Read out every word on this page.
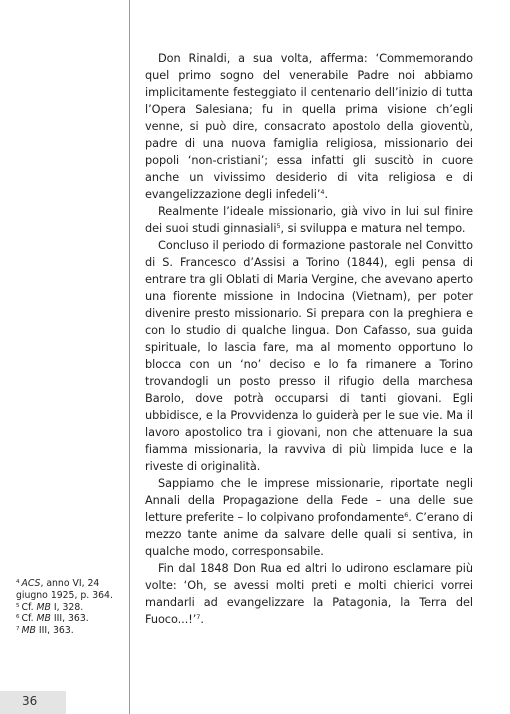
Don Rinaldi, a sua volta, afferma: ‘Commemorando quel primo sogno del venerabile Padre noi abbiamo implicitamente festeggiato il centenario dell’inizio di tutta l’Opera Salesiana; fu in quella prima visione ch’egli venne, si può dire, consacrato apostolo della gioventù, padre di una nuova famiglia religiosa, missionario dei popoli ‘non-cristiani’; essa infatti gli suscitò in cuore anche un vivissimo desiderio di vita religiosa e di evangelizzazione degli infedeli’$^4$.

Realmente l’ideale missionario, già vivo in lui sul finire dei suoi studi ginnasiali$^5$, si sviluppa e matura nel tempo.

Concluso il periodo di formazione pastorale nel Convitto di S. Francesco d’Assisi a Torino (1844), egli pensa di entrare tra gli Oblati di Maria Vergine, che avevano aperto una fiorente missione in Indocina (Vietnam), per poter divenire presto missionario. Si prepara con la preghiera e con lo studio di qualche lingua. Don Cafasso, sua guida spirituale, lo lascia fare, ma al momento opportuno lo blocca con un ‘no’ deciso e lo fa rimanere a Torino trovandogli un posto presso il rifugio della marchesa Barolo, dove potrà occuparsi di tanti giovani. Egli ubbidisce, e la Provvidenza lo guiderà per le sue vie. Ma il lavoro apostolico tra i giovani, non che attenuare la sua fiamma missionaria, la ravviva di più limpida luce e la riveste di originalità.

Sappiamo che le imprese missionarie, riportate negli Annali della Propagazione della Fede – una delle sue letture preferite – lo colpivano profondamente$^6$. C’erano di mezzo tante anime da salvare delle quali si sentiva, in qualche modo, corresponsabile.

Fin dal 1848 Don Rua ed altri lo udirono esclamare più volte: ‘Oh, se avessi molti preti e molti chierici vorrei mandarli ad evangelizzare la Patagonia, la Terra del Fuoco...!’$^7$.

$^4$ ACS, anno VI, 24 giugno 1925, p. 364.
$^5$ Cf. MB I, 328.
$^6$ Cf. MB III, 363.
$^7$ MB III, 363.
36
